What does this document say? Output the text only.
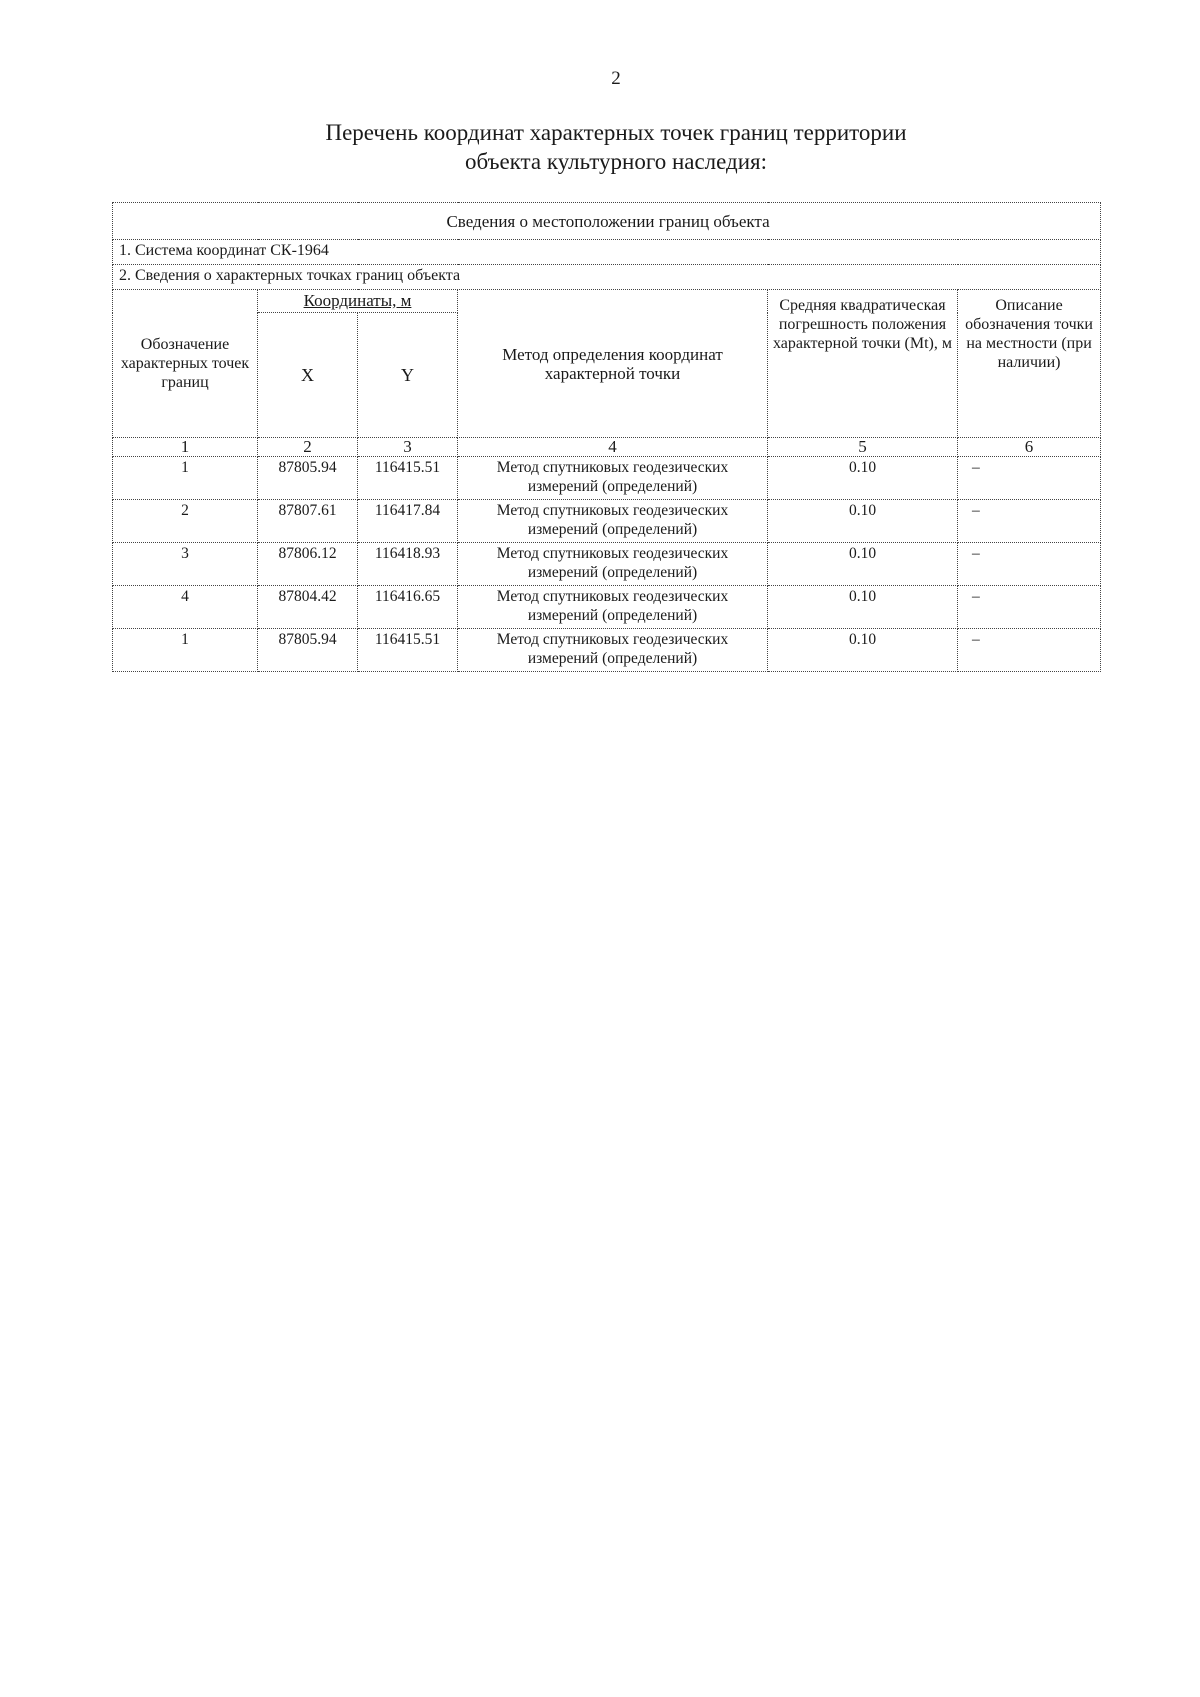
2
Перечень координат характерных точек границ территории
объекта культурного наследия:
Сведения о местоположении границ объекта					
1. Система координат СК-1964					
2. Сведения о характерных точках границ объекта					
Обозначение характерных точек границ	Координаты, м		Метод определения координат характерной точки	Средняя квадратическая погрешность положения характерной точки (Mt), м	Описание обозначения точки на местности (при наличии)
	X	Y			
1	2	3	4	5	6
1	87805.94	116415.51	Метод спутниковых геодезических измерений (определений)	0.10	–
2	87807.61	116417.84	Метод спутниковых геодезических измерений (определений)	0.10	–
3	87806.12	116418.93	Метод спутниковых геодезических измерений (определений)	0.10	–
4	87804.42	116416.65	Метод спутниковых геодезических измерений (определений)	0.10	–
1	87805.94	116415.51	Метод спутниковых геодезических измерений (определений)	0.10	–
